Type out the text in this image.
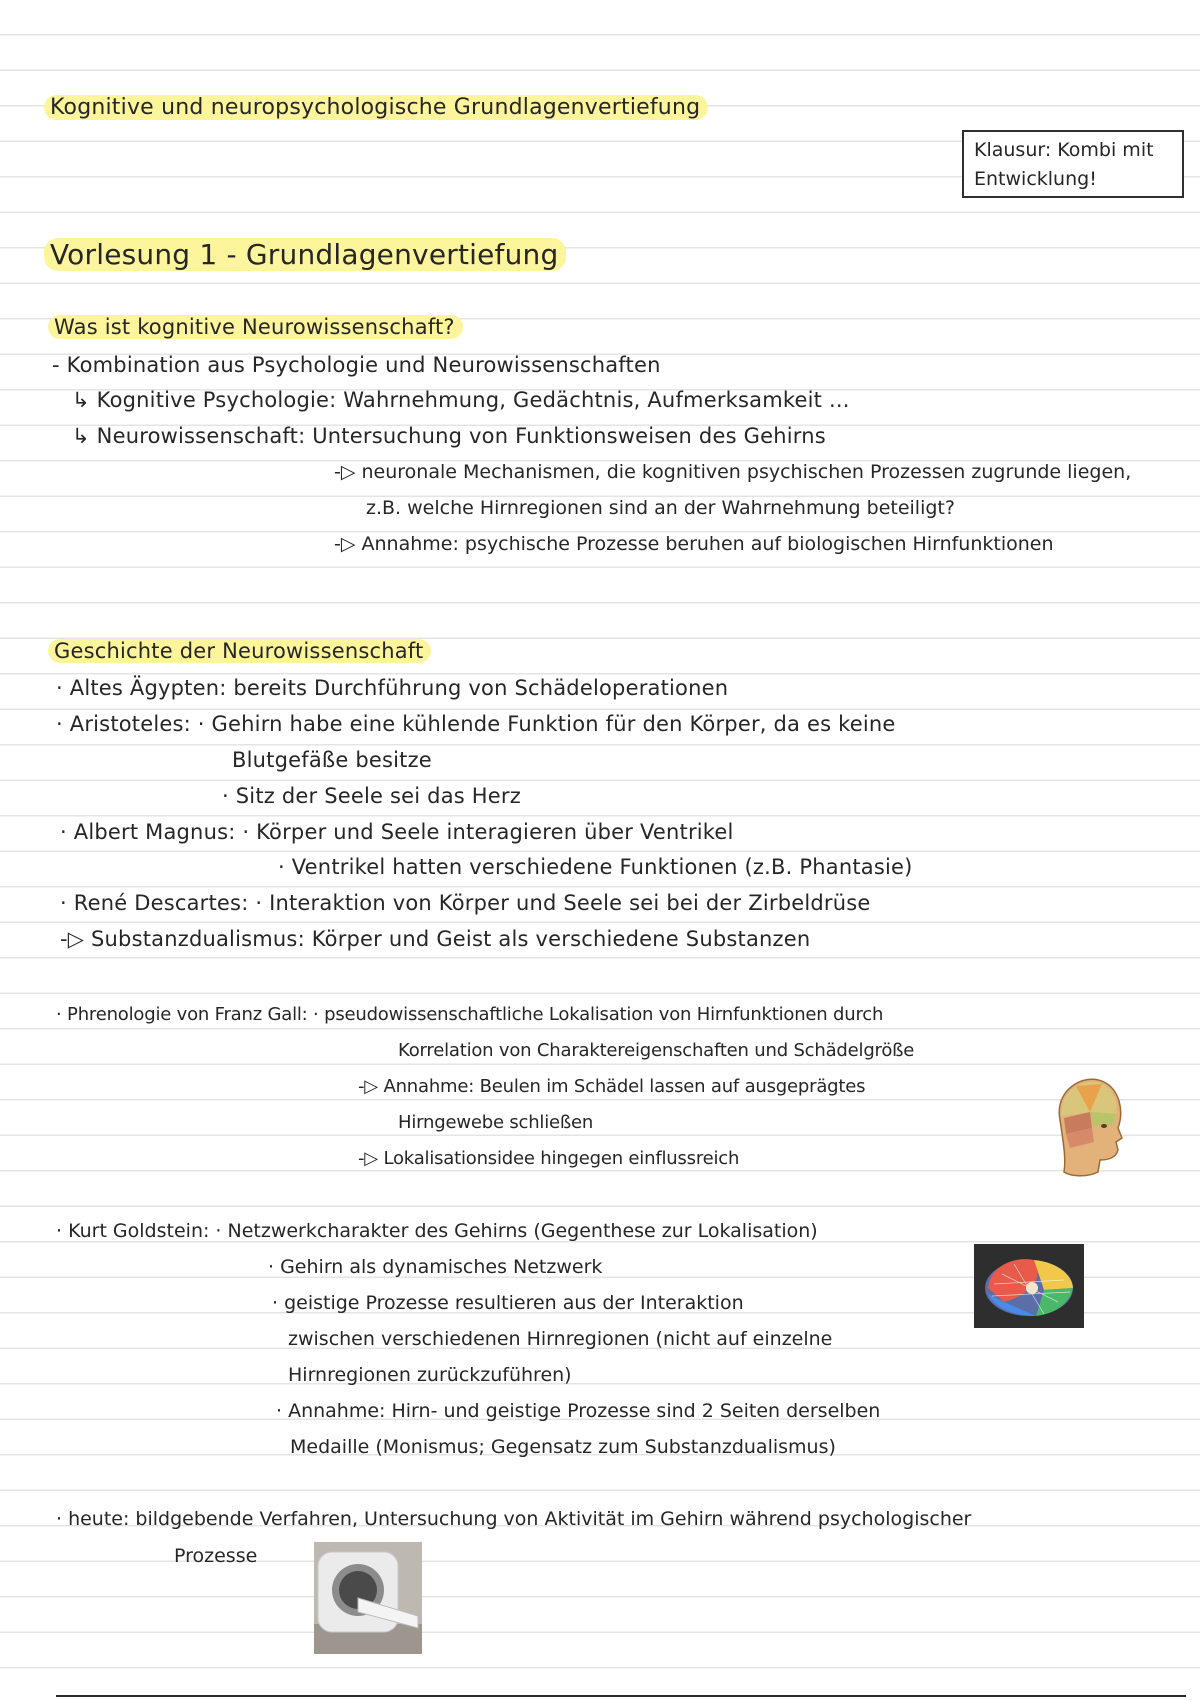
Kognitive und neuropsychologische Grundlagenvertiefung
Klausur: Kombi mit
Entwicklung!
Vorlesung 1 - Grundlagenvertiefung
Was ist kognitive Neurowissenschaft?
- Kombination aus Psychologie und Neurowissenschaften
↳ Kognitive Psychologie: Wahrnehmung, Gedächtnis, Aufmerksamkeit ...
↳ Neurowissenschaft: Untersuchung von Funktionsweisen des Gehirns
-▷ neuronale Mechanismen, die kognitiven psychischen Prozessen zugrunde liegen,
z.B. welche Hirnregionen sind an der Wahrnehmung beteiligt?
-▷ Annahme: psychische Prozesse beruhen auf biologischen Hirnfunktionen
Geschichte der Neurowissenschaft
· Altes Ägypten: bereits Durchführung von Schädeloperationen
· Aristoteles: · Gehirn habe eine kühlende Funktion für den Körper, da es keine
Blutgefäße besitze
· Sitz der Seele sei das Herz
· Albert Magnus: · Körper und Seele interagieren über Ventrikel
· Ventrikel hatten verschiedene Funktionen (z.B. Phantasie)
· René Descartes: · Interaktion von Körper und Seele sei bei der Zirbeldrüse
-▷ Substanzdualismus: Körper und Geist als verschiedene Substanzen
· Phrenologie von Franz Gall: · pseudowissenschaftliche Lokalisation von Hirnfunktionen durch
Korrelation von Charaktereigenschaften und Schädelgröße
-▷ Annahme: Beulen im Schädel lassen auf ausgeprägtes
Hirngewebe schließen
-▷ Lokalisationsidee hingegen einflussreich
· Kurt Goldstein: · Netzwerkcharakter des Gehirns (Gegenthese zur Lokalisation)
· Gehirn als dynamisches Netzwerk
· geistige Prozesse resultieren aus der Interaktion
zwischen verschiedenen Hirnregionen (nicht auf einzelne
Hirnregionen zurückzuführen)
· Annahme: Hirn- und geistige Prozesse sind 2 Seiten derselben
Medaille (Monismus; Gegensatz zum Substanzdualismus)
· heute: bildgebende Verfahren, Untersuchung von Aktivität im Gehirn während psychologischer
Prozesse
